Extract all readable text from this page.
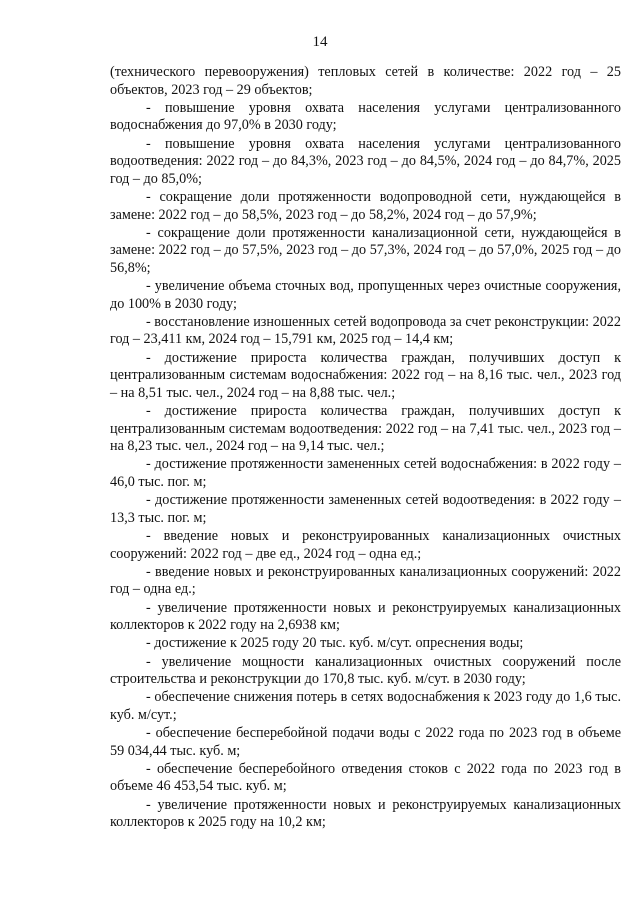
14

(технического перевооружения) тепловых сетей в количестве: 2022 год – 25 объектов, 2023 год – 29 объектов;

- повышение уровня охвата населения услугами централизованного водоснабжения до 97,0% в 2030 году;

- повышение уровня охвата населения услугами централизованного водоотведения: 2022 год – до 84,3%, 2023 год – до 84,5%, 2024 год – до 84,7%, 2025 год – до 85,0%;

- сокращение доли протяженности водопроводной сети, нуждающейся в замене: 2022 год – до 58,5%, 2023 год – до 58,2%, 2024 год – до 57,9%;

- сокращение доли протяженности канализационной сети, нуждающейся в замене: 2022 год – до 57,5%, 2023 год – до 57,3%, 2024 год – до 57,0%, 2025 год – до 56,8%;

- увеличение объема сточных вод, пропущенных через очистные сооружения, до 100% в 2030 году;

- восстановление изношенных сетей водопровода за счет реконструкции: 2022 год – 23,411 км, 2024 год – 15,791 км, 2025 год – 14,4 км;

- достижение прироста количества граждан, получивших доступ к централизованным системам водоснабжения: 2022 год – на 8,16 тыс. чел., 2023 год – на 8,51 тыс. чел., 2024 год – на 8,88 тыс. чел.;

- достижение прироста количества граждан, получивших доступ к централизованным системам водоотведения: 2022 год – на 7,41 тыс. чел., 2023 год – на 8,23 тыс. чел., 2024 год – на 9,14 тыс. чел.;

- достижение протяженности замененных сетей водоснабжения: в 2022 году – 46,0 тыс. пог. м;

- достижение протяженности замененных сетей водоотведения: в 2022 году – 13,3 тыс. пог. м;

- введение новых и реконструированных канализационных очистных сооружений: 2022 год – две ед., 2024 год – одна ед.;

- введение новых и реконструированных канализационных сооружений: 2022 год – одна ед.;

- увеличение протяженности новых и реконструируемых канализационных коллекторов к 2022 году на 2,6938 км;

- достижение к 2025 году 20 тыс. куб. м/сут. опреснения воды;

- увеличение мощности канализационных очистных сооружений после строительства и реконструкции до 170,8 тыс. куб. м/сут. в 2030 году;

- обеспечение снижения потерь в сетях водоснабжения к 2023 году до 1,6 тыс. куб. м/сут.;

- обеспечение бесперебойной подачи воды с 2022 года по 2023 год в объеме 59 034,44 тыс. куб. м;

- обеспечение бесперебойного отведения стоков с 2022 года по 2023 год в объеме 46 453,54 тыс. куб. м;

- увеличение протяженности новых и реконструируемых канализационных коллекторов к 2025 году на 10,2 км;
